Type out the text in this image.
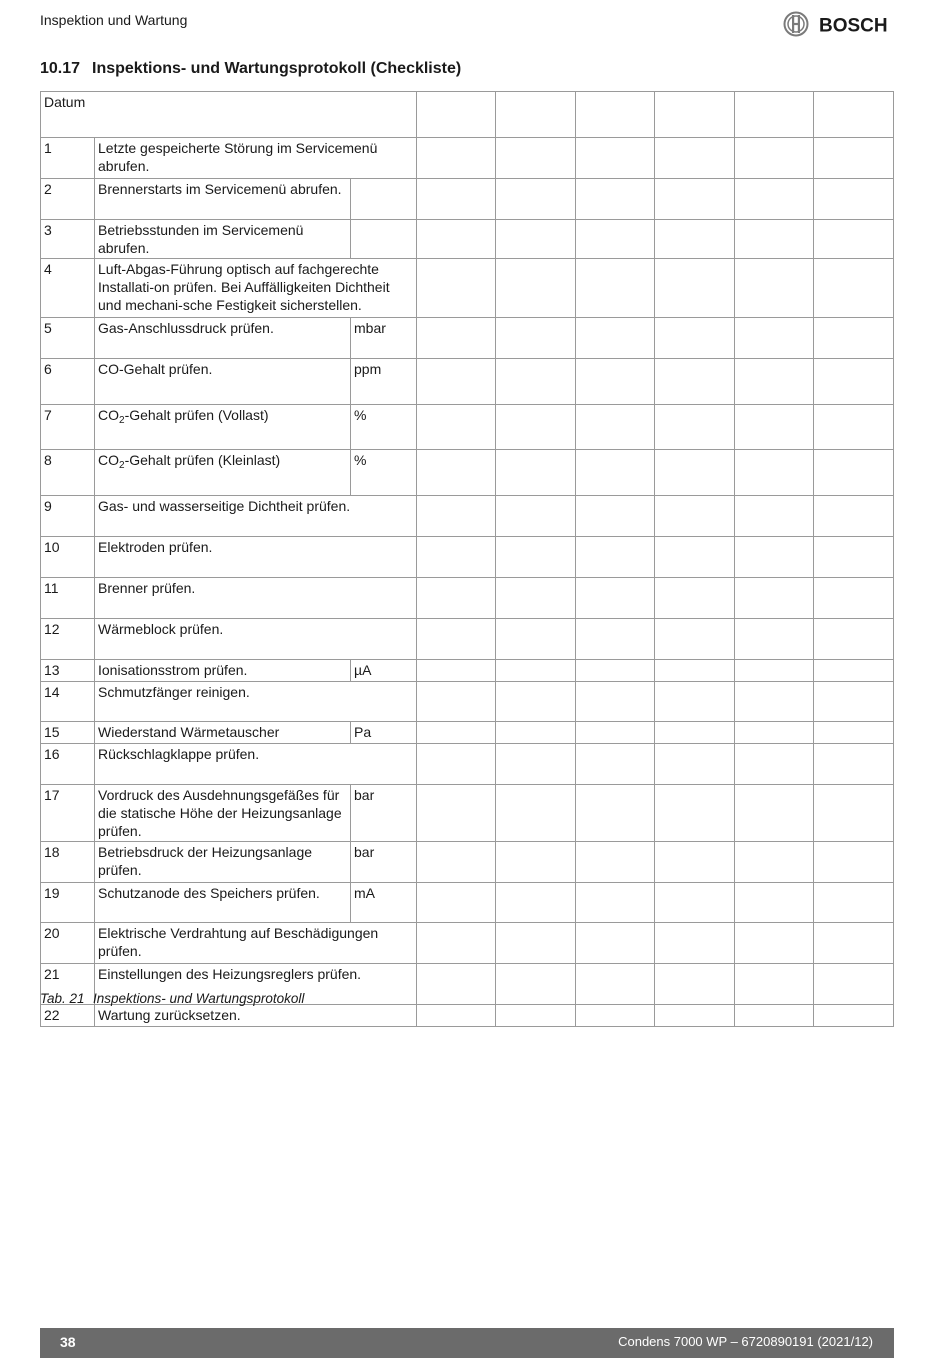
Inspektion und Wartung	BOSCH
10.17 Inspektions- und Wartungsprotokoll (Checkliste)
Datum								
1	Letzte gespeicherte Störung im Servicemenü abrufen.							
2	Brennerstarts im Servicemenü abrufen.							
3	Betriebsstunden im Servicemenü abrufen.							
4	Luft-Abgas-Führung optisch auf fachgerechte Installati-on prüfen. Bei Auffälligkeiten Dichtheit und mechani-sche Festigkeit sicherstellen.							
5	Gas-Anschlussdruck prüfen.	mbar						
6	CO-Gehalt prüfen.	ppm						
7	$CO_2$-Gehalt prüfen (Vollast)	%						
8	$CO_2$-Gehalt prüfen (Kleinlast)	%						
9	Gas- und wasserseitige Dichtheit prüfen.							
10	Elektroden prüfen.							
11	Brenner prüfen.							
12	Wärmeblock prüfen.							
13	Ionisationsstrom prüfen.	µA						
14	Schmutzfänger reinigen.							
15	Wiederstand Wärmetauscher	Pa						
16	Rückschlagklappe prüfen.							
17	Vordruck des Ausdehnungsgefäßes für die statische Höhe der Heizungsanlage prüfen.	bar						
18	Betriebsdruck der Heizungsanlage prüfen.	bar						
19	Schutzanode des Speichers prüfen.	mA						
20	Elektrische Verdrahtung auf Beschädigungen prüfen.							
21	Einstellungen des Heizungsreglers prüfen.							
22	Wartung zurücksetzen.							
Tab. 21 Inspektions- und Wartungsprotokoll
38	Condens 7000 WP – 6720890191 (2021/12)
